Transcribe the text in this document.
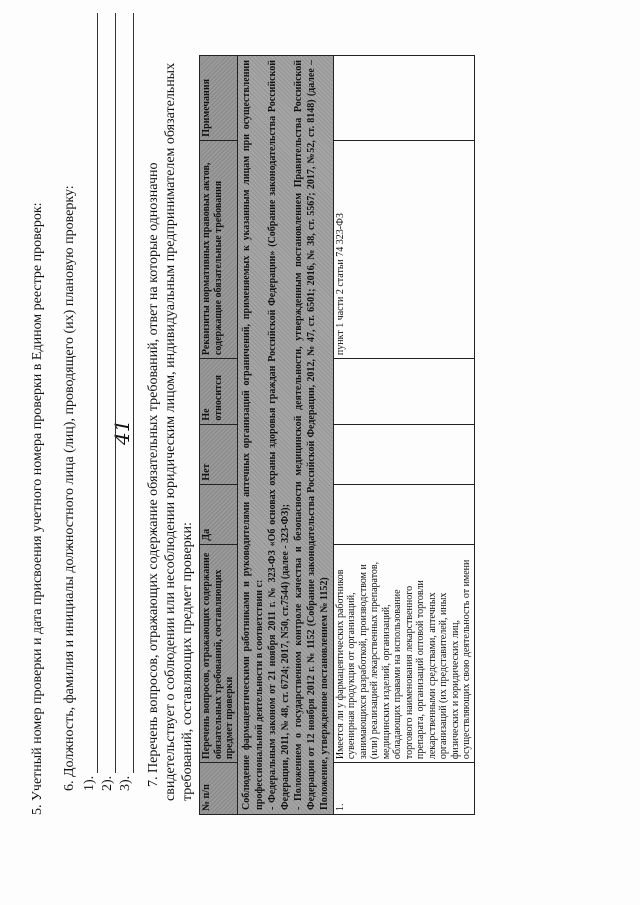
41
5. Учетный номер проверки и дата присвоения учетного номера проверки в Едином реестре проверок: 6. Должность, фамилия и инициалы должностного лица (лиц), проводящего (их) плановую проверку: 1). 2). 3). 7. Перечень вопросов, отражающих содержание обязательных требований, ответ на которые однозначно свидетельствует о соблюдении или несоблюдении юридическим лицом, индивидуальным предпринимателем обязательных требований, составляющих предмет проверки: № п/п	Перечень вопросов, отражающих содержание обязательных требований, составляющих предмет проверки	Да	Нет	Не относится	Реквизиты нормативных правовых актов, содержащие обязательные требования	Примечания

Соблюдение фармацевтическими работниками и руководителями аптечных организаций ограничений, применяемых к указанным лицам при осуществлении профессиональной деятельности в соответствии с: - Федеральным законом от 21 ноября 2011 г. № 323-ФЗ «Об основах охраны здоровья граждан Российской Федерации» (Собрание законодательства Российской Федерации, 2011, № 48, ст. 6724; 2017, N50, ст.7544) (далее - 323-ФЗ); - Положением о государственном контроле качества и безопасности медицинской деятельности, утвержденным постановлением Правительства Российской Федерации от 12 ноября 2012 г. № 1152 (Собрание законодательства Российской Федерации, 2012, № 47, ст. 6501; 2016, № 38, ст. 5567; 2017, №52, ст. 8148) (далее – Положение, утвержденное постановлением № 1152)						

1.	Имеется ли у фармацевтических работников сувенирная продукция от организаций, занимающихся разработкой, производством и (или) реализацией лекарственных препаратов, медицинских изделий, организаций, обладающих правами на использование торгового наименования лекарственного препарата, организаций оптовой торговли лекарственными средствами, аптечных организаций (их представителей, иных физических и юридических лиц, осуществляющих свою деятельность от имени				пункт 1 части 2 статьи 74 323-ФЗ	
